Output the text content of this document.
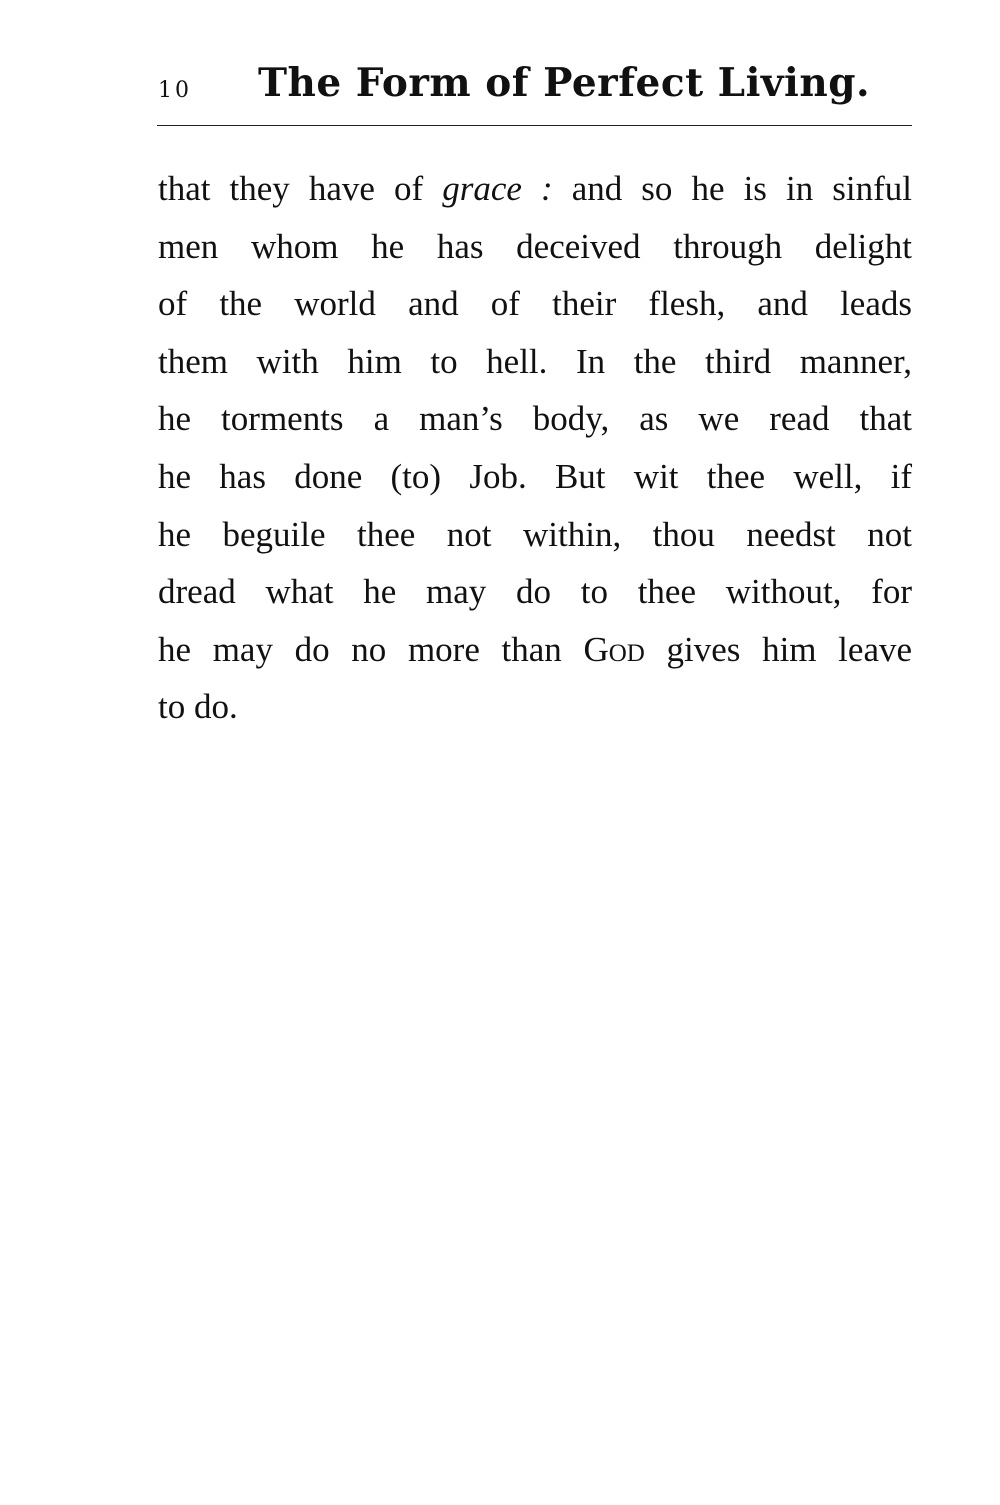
10 The Form of Perfect Living.
that they have of grace : and so he is in sinful
men whom he has deceived through delight
of the world and of their flesh, and leads
them with him to hell. In the third manner,
he torments a man’s body, as we read that
he has done (to) Job. But wit thee well, if
he beguile thee not within, thou needst not
dread what he may do to thee without, for
he may do no more than God gives him leave
to do.
